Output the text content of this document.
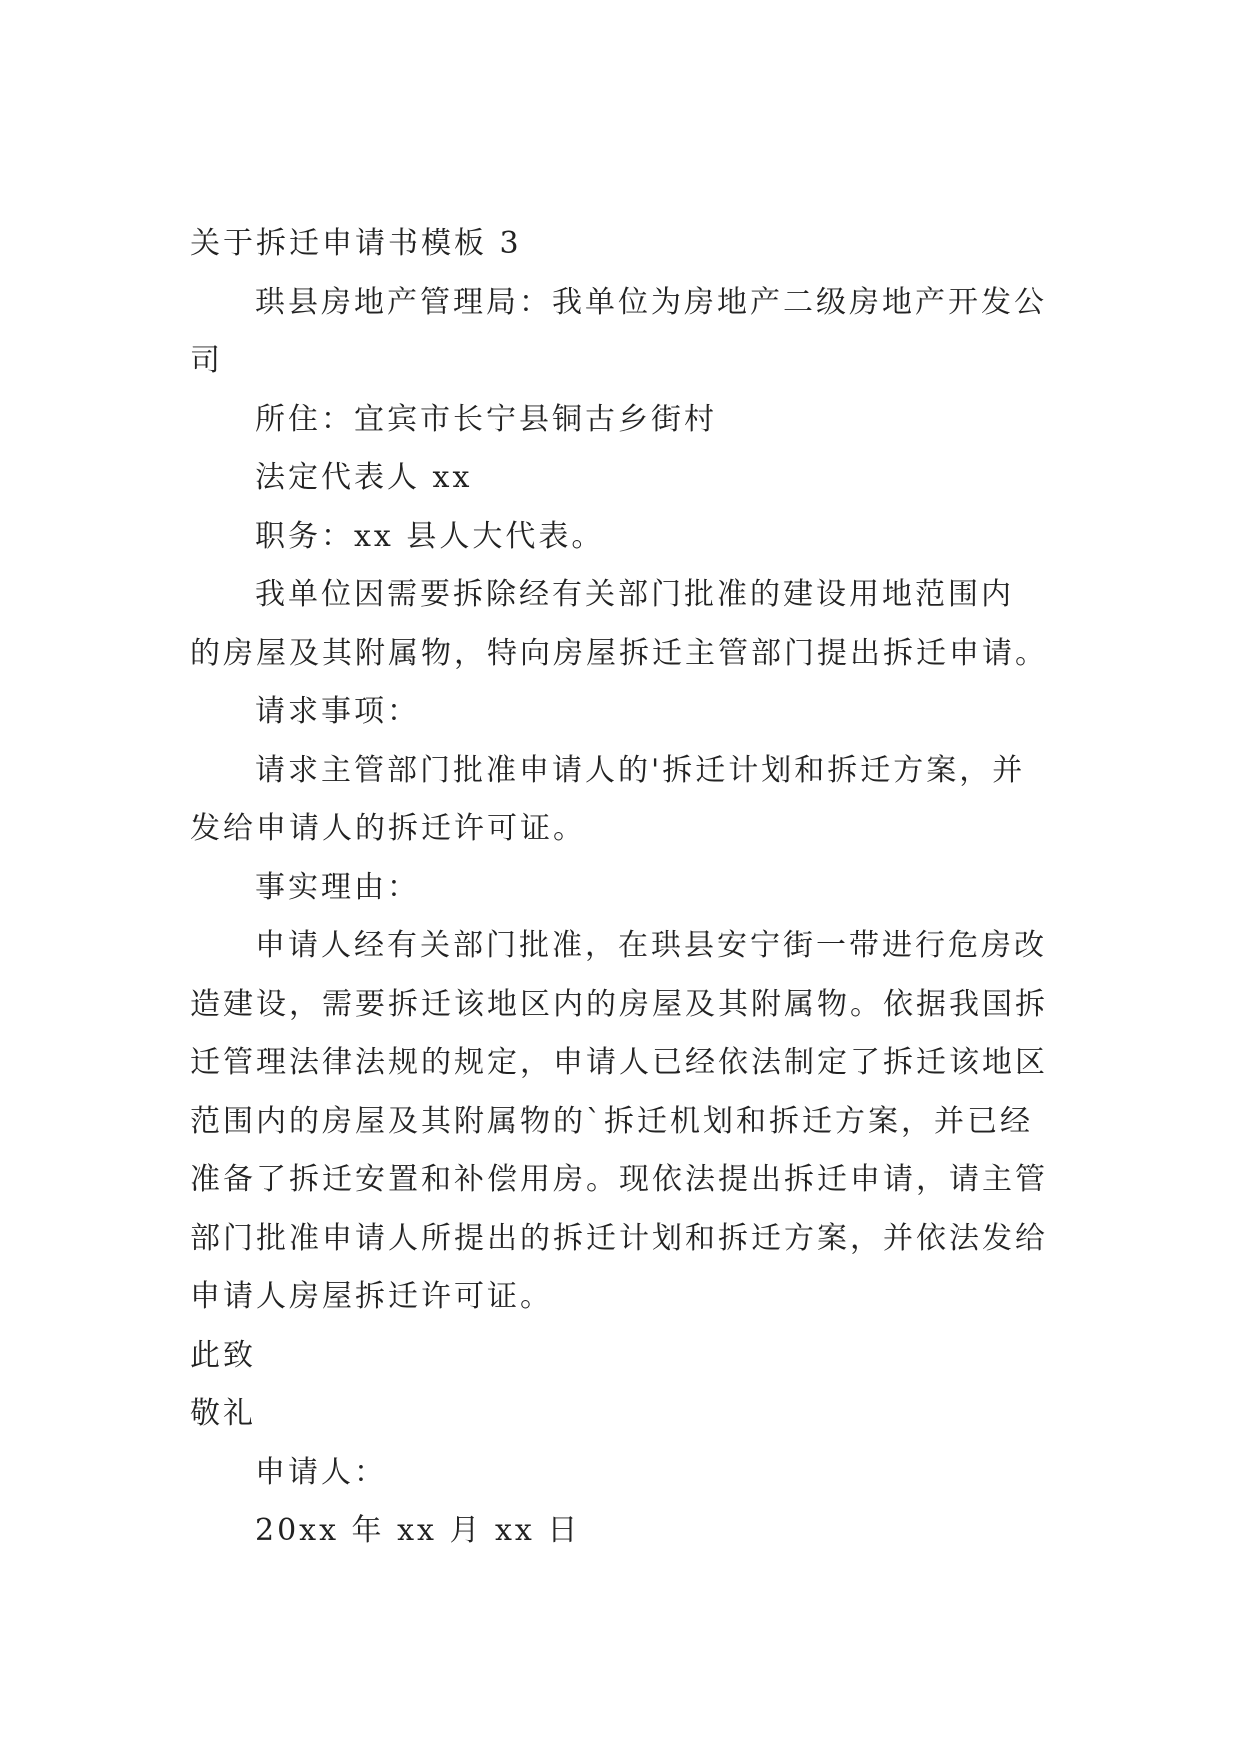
关于拆迁申请书模板 3
珙县房地产管理局：我单位为房地产二级房地产开发公
司
所住：宜宾市长宁县铜古乡街村
法定代表人 xx
职务：xx 县人大代表。
我单位因需要拆除经有关部门批准的建设用地范围内
的房屋及其附属物，特向房屋拆迁主管部门提出拆迁申请。
请求事项：
请求主管部门批准申请人的'拆迁计划和拆迁方案，并
发给申请人的拆迁许可证。
事实理由：
申请人经有关部门批准，在珙县安宁街一带进行危房改
造建设，需要拆迁该地区内的房屋及其附属物。依据我国拆
迁管理法律法规的规定，申请人已经依法制定了拆迁该地区
范围内的房屋及其附属物的`拆迁机划和拆迁方案，并已经
准备了拆迁安置和补偿用房。现依法提出拆迁申请，请主管
部门批准申请人所提出的拆迁计划和拆迁方案，并依法发给
申请人房屋拆迁许可证。
此致
敬礼
申请人：
20xx 年 xx 月 xx 日
